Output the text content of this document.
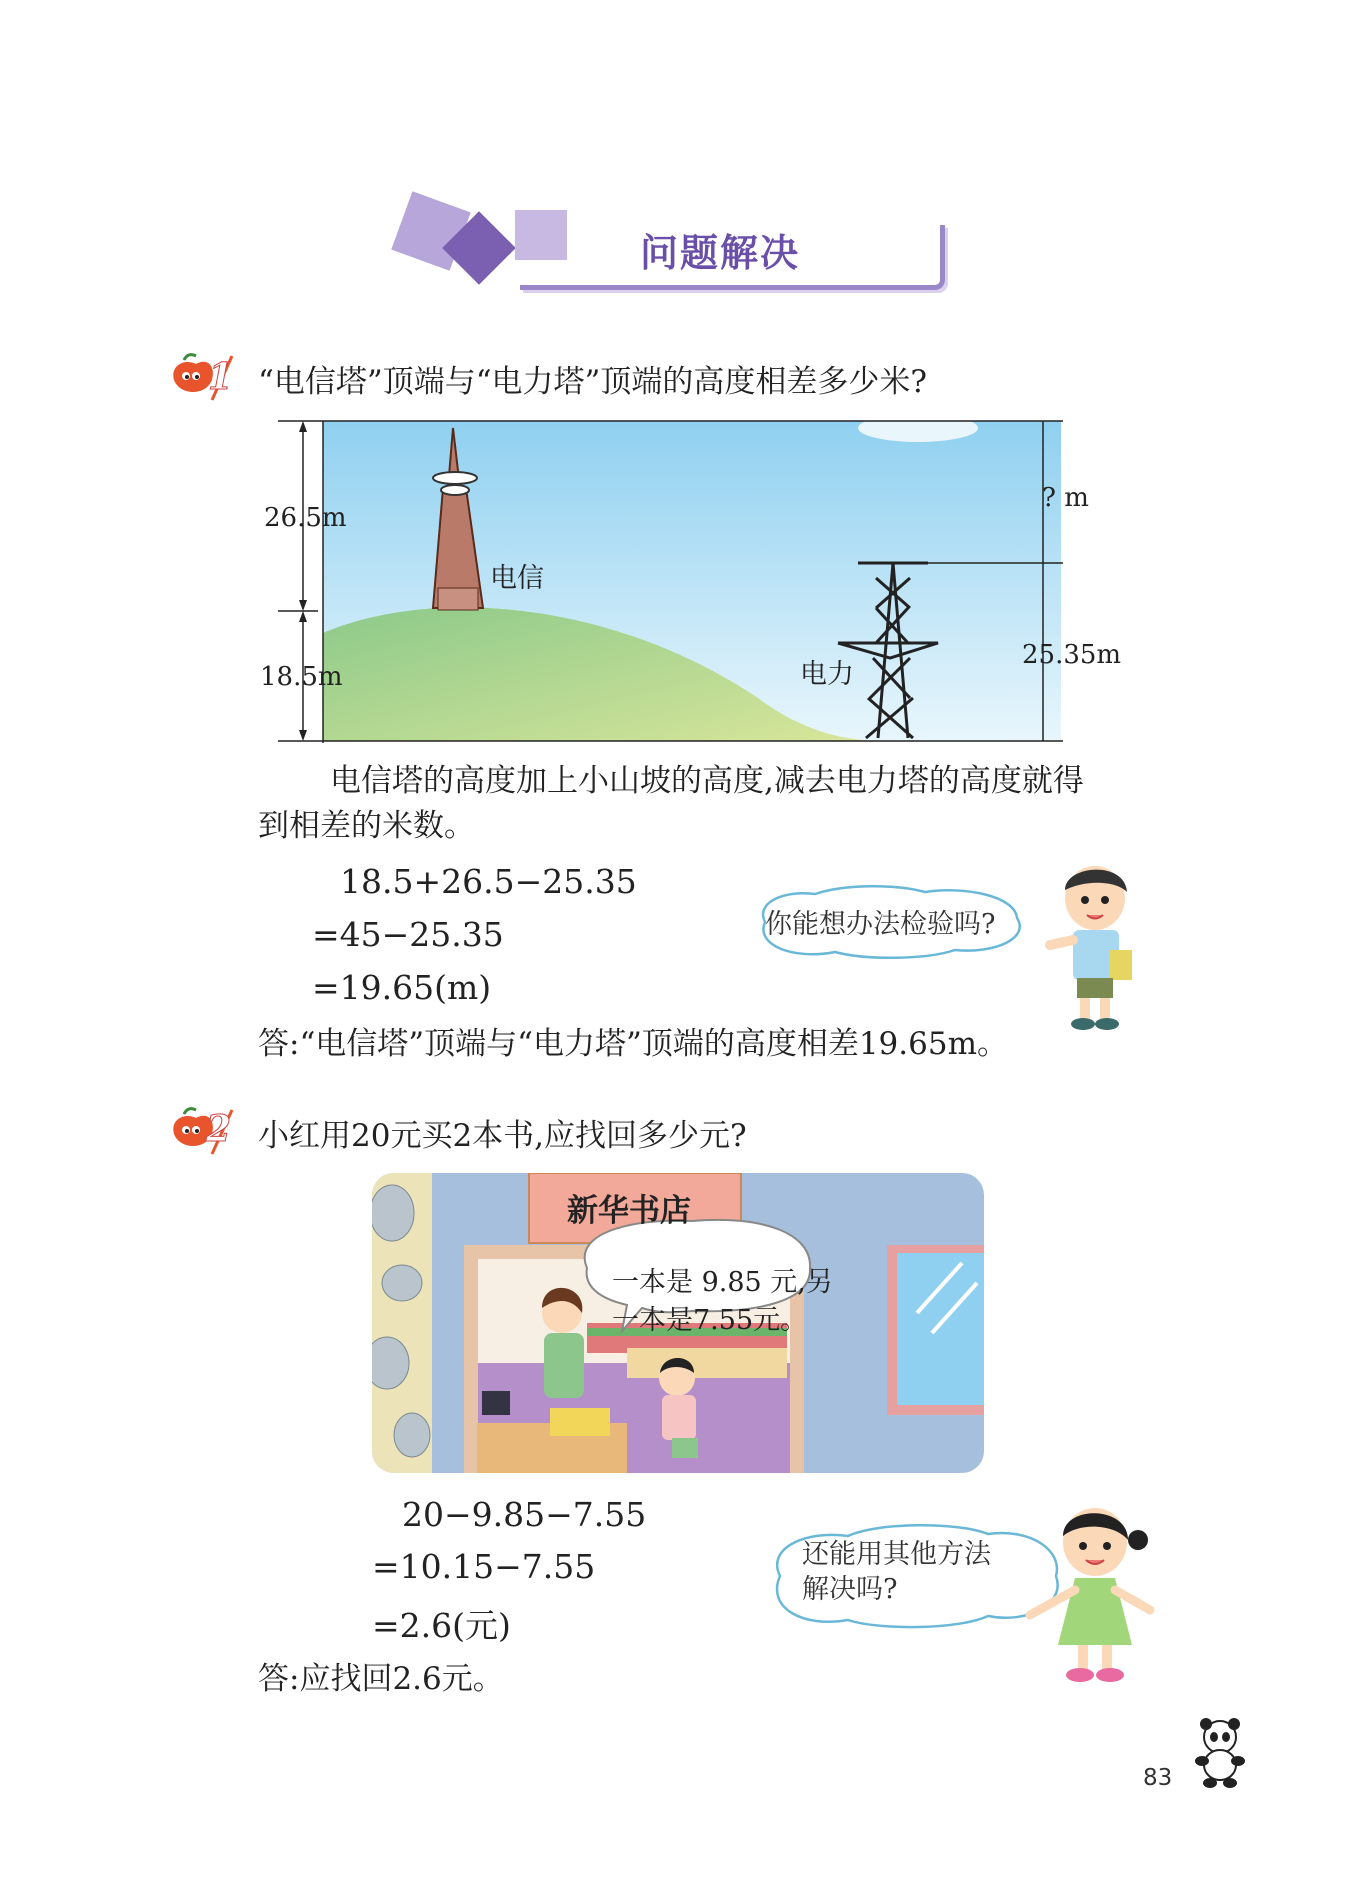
问题解决
1 “电信塔”顶端与“电力塔”顶端的高度相差多少米?
26.5m
18.5m
? m
25.35m
电信
电力
电信塔的高度加上小山坡的高度,减去电力塔的高度就得
到相差的米数。
18.5+26.5−25.35
=45−25.35
=19.65(m)
你能想办法检验吗?
答:“电信塔”顶端与“电力塔”顶端的高度相差19.65m。
2 小红用20元买2本书,应找回多少元?
新华书店
一本是 9.85 元,另
一本是7.55元。
20−9.85−7.55
=10.15−7.55
=2.6(元)
还能用其他方法
解决吗?
答:应找回2.6元。
83
